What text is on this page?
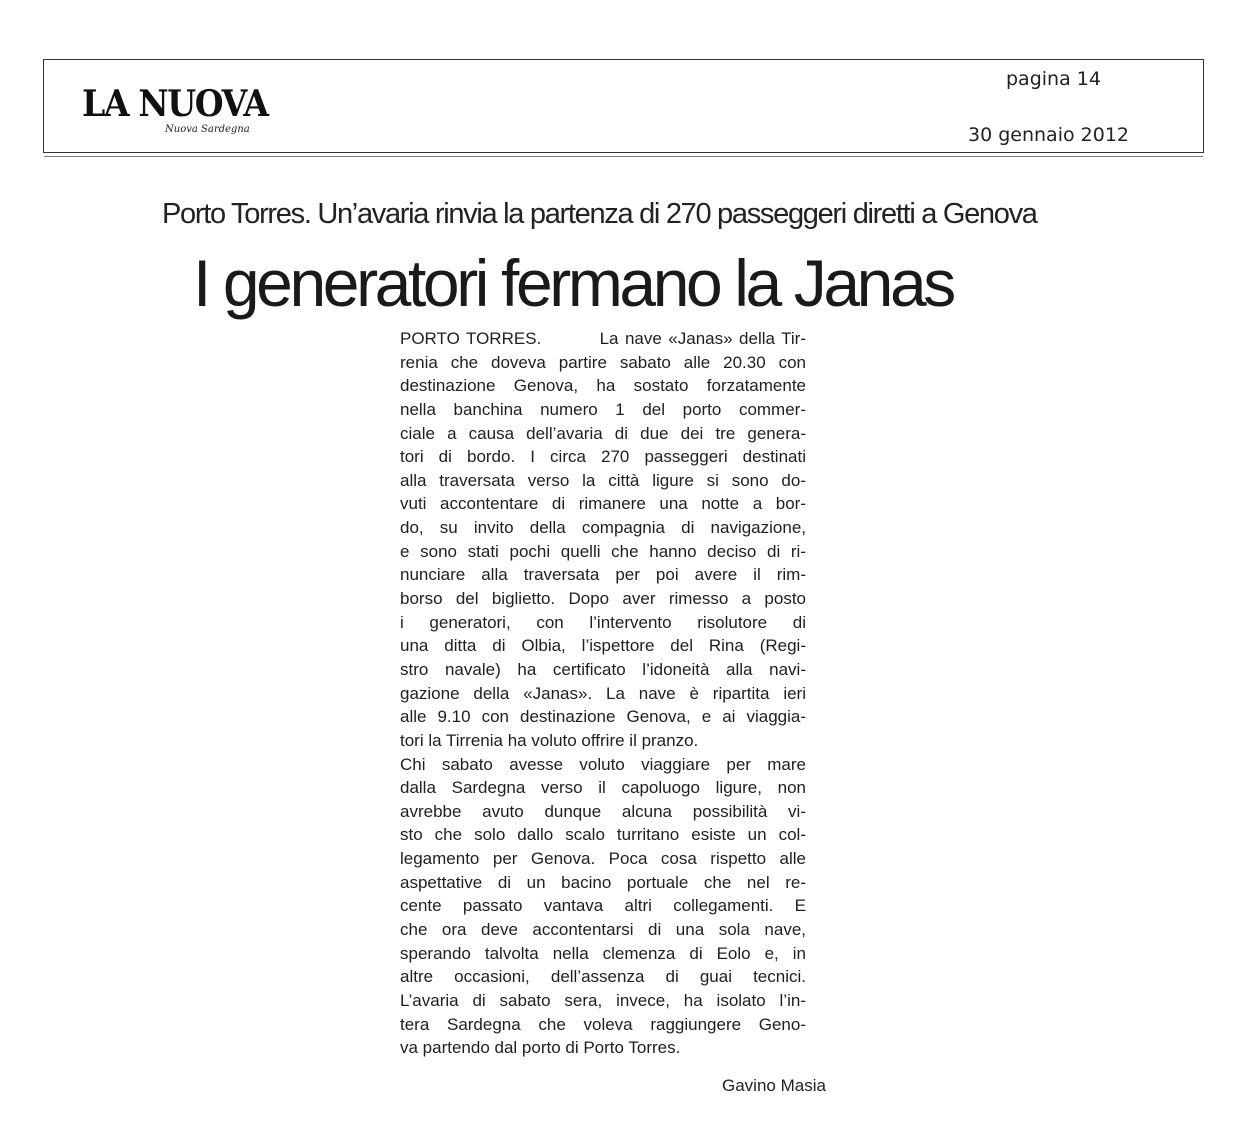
LA NUOVA
Nuova Sardegna
pagina 14
30 gennaio 2012
Porto Torres. Un’avaria rinvia la partenza di 270 passeggeri diretti a Genova
I generatori fermano la Janas
PORTO TORRES.         La nave «Janas» della Tir-
renia che doveva partire sabato alle 20.30 con
destinazione Genova, ha sostato forzatamente
nella banchina numero 1 del porto commer-
ciale a causa dell’avaria di due dei tre genera-
tori di bordo. I circa 270 passeggeri destinati
alla traversata verso la città ligure si sono do-
vuti accontentare di rimanere una notte a bor-
do, su invito della compagnia di navigazione,
e sono stati pochi quelli che hanno deciso di ri-
nunciare alla traversata per poi avere il rim-
borso del biglietto. Dopo aver rimesso a posto
i generatori, con l’intervento risolutore di
una ditta di Olbia, l’ispettore del Rina (Regi-
stro navale) ha certificato l’idoneità alla navi-
gazione della «Janas». La nave è ripartita ieri
alle 9.10 con destinazione Genova, e ai viaggia-
tori la Tirrenia ha voluto offrire il pranzo.
Chi sabato avesse voluto viaggiare per mare
dalla Sardegna verso il capoluogo ligure, non
avrebbe avuto dunque alcuna possibilità vi-
sto che solo dallo scalo turritano esiste un col-
legamento per Genova. Poca cosa rispetto alle
aspettative di un bacino portuale che nel re-
cente passato vantava altri collegamenti. E
che ora deve accontentarsi di una sola nave,
sperando talvolta nella clemenza di Eolo e, in
altre occasioni, dell’assenza di guai tecnici.
L’avaria di sabato sera, invece, ha isolato l’in-
tera Sardegna che voleva raggiungere Geno-
va partendo dal porto di Porto Torres.
Gavino Masia
